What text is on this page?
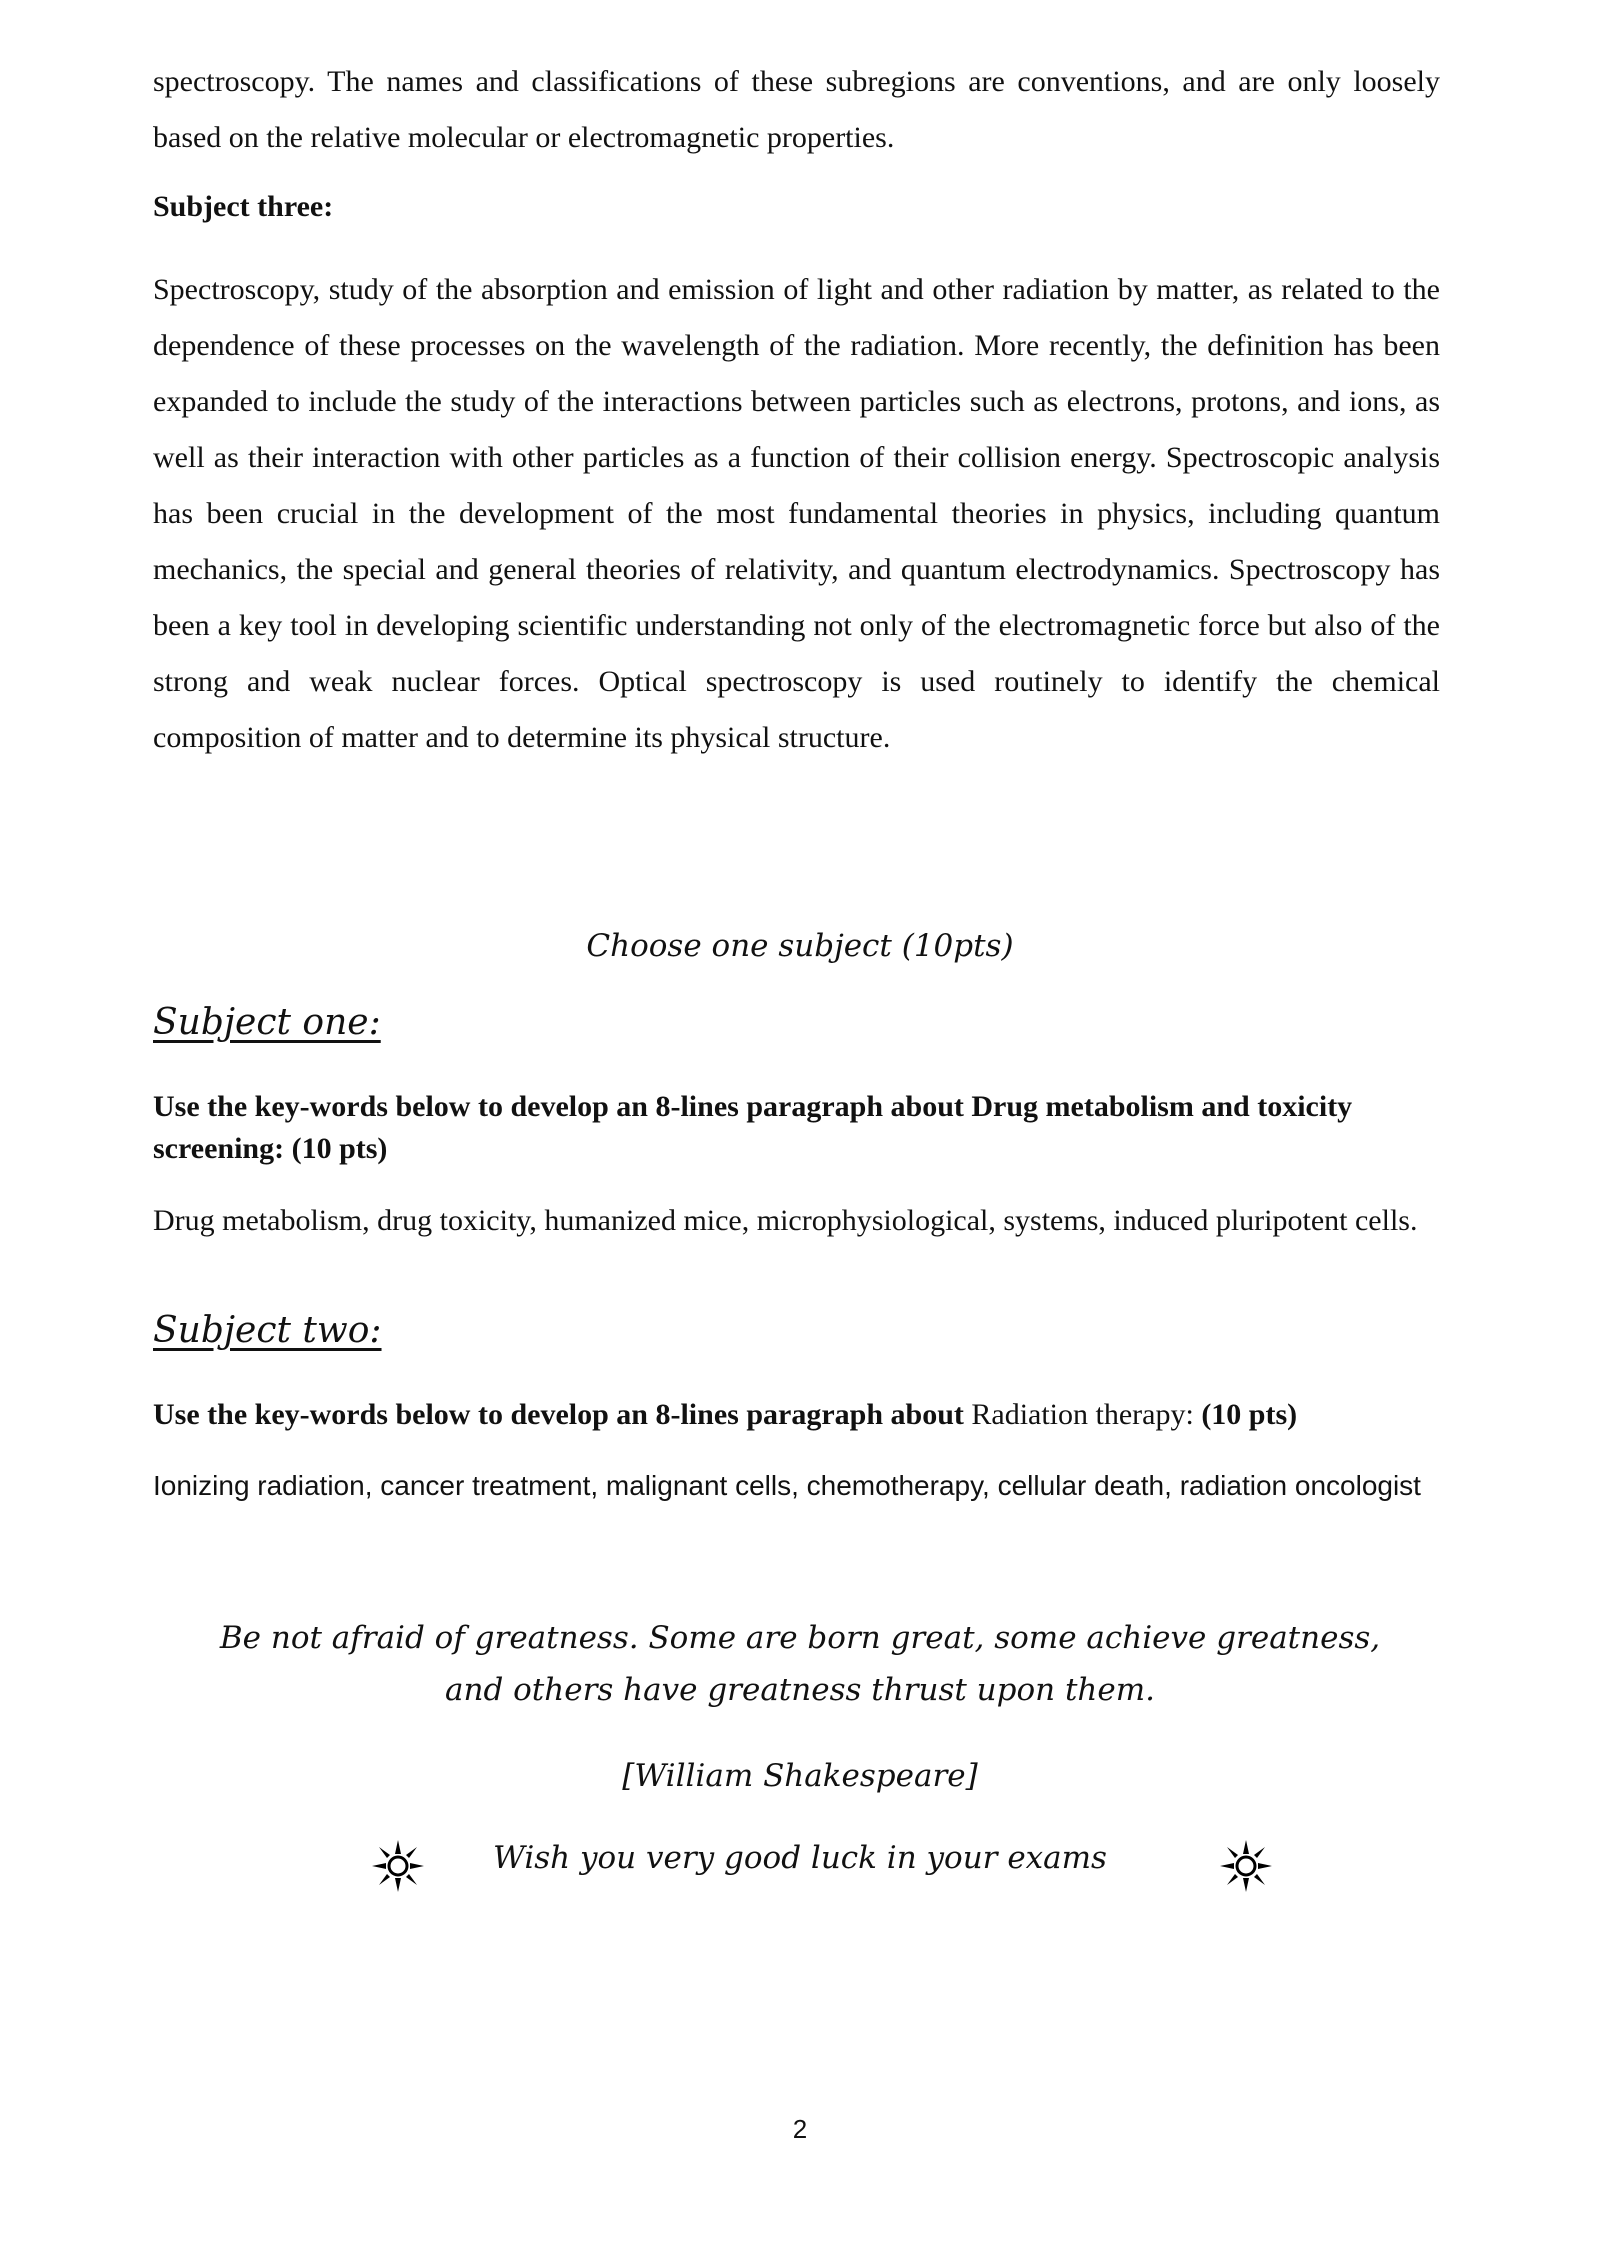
spectroscopy. The names and classifications of these subregions are conventions, and are only loosely based on the relative molecular or electromagnetic properties.
Subject three:
Spectroscopy, study of the absorption and emission of light and other radiation by matter, as related to the dependence of these processes on the wavelength of the radiation. More recently, the definition has been expanded to include the study of the interactions between particles such as electrons, protons, and ions, as well as their interaction with other particles as a function of their collision energy. Spectroscopic analysis has been crucial in the development of the most fundamental theories in physics, including quantum mechanics, the special and general theories of relativity, and quantum electrodynamics. Spectroscopy has been a key tool in developing scientific understanding not only of the electromagnetic force but also of the strong and weak nuclear forces. Optical spectroscopy is used routinely to identify the chemical composition of matter and to determine its physical structure.
Choose one subject (10pts)
Subject one:
Use the key-words below to develop an 8-lines paragraph about Drug metabolism and toxicity screening: (10 pts)
Drug metabolism, drug toxicity, humanized mice, microphysiological, systems, induced pluripotent cells.
Subject two:
Use the key-words below to develop an 8-lines paragraph about Radiation therapy: (10 pts)
Ionizing radiation, cancer treatment, malignant cells, chemotherapy, cellular death, radiation oncologist
Be not afraid of greatness. Some are born great, some achieve greatness, and others have greatness thrust upon them.
[William Shakespeare]
Wish you very good luck in your exams
2
